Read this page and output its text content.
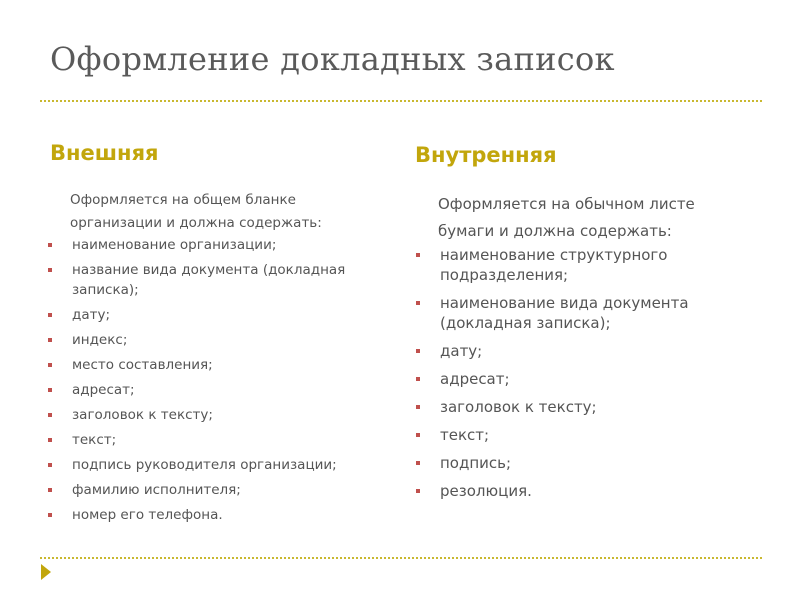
Оформление докладных записок
Внешняя	Внутренняя
Оформляется на общем бланке
организации и должна содержать:
наименование организации;
название вида документа (докладная записка);
дату;
индекс;
место составления;
адресат;
заголовок к тексту;
текст;
подпись руководителя организации;
фамилию исполнителя;
номер его телефона.
Оформляется на обычном листе
бумаги и должна содержать:
наименование структурного подразделения;
наименование вида документа (докладная записка);
дату;
адресат;
заголовок к тексту;
текст;
подпись;
резолюция.
